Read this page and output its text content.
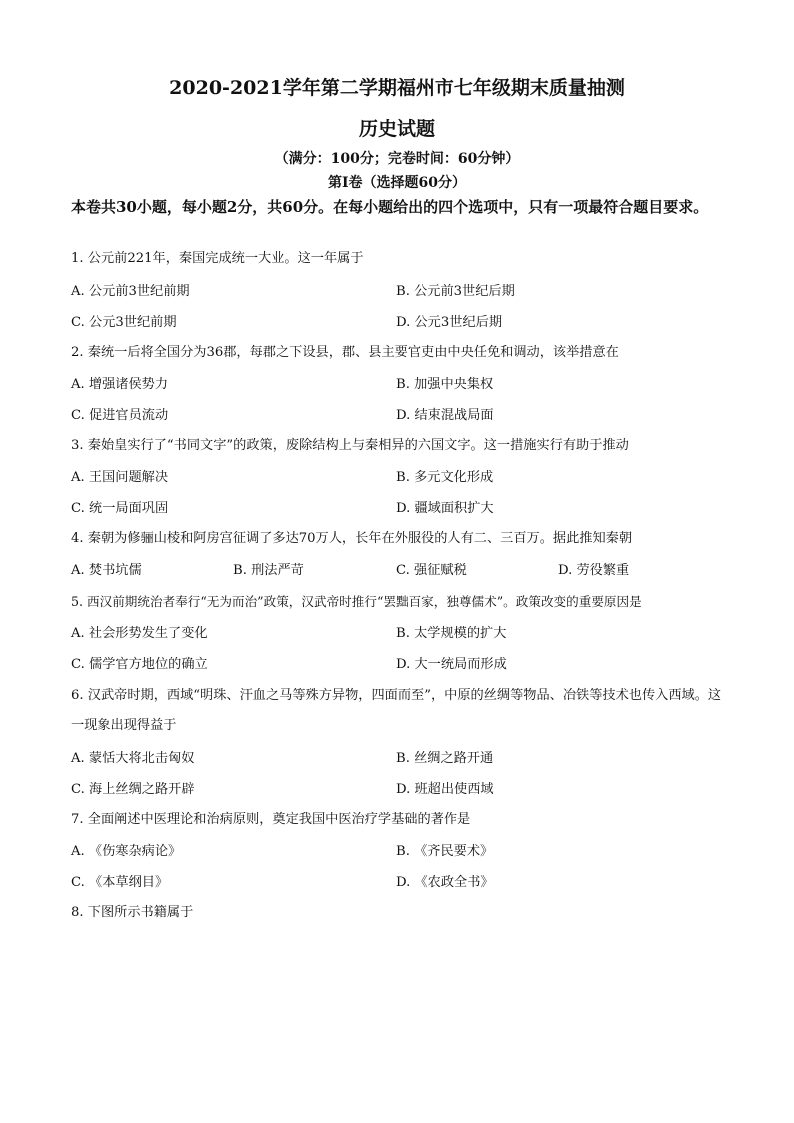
2020-2021学年第二学期福州市七年级期末质量抽测
历史试题
（满分：100分；完卷时间：60分钟）
第Ⅰ卷（选择题60分）
本卷共30小题，每小题2分，共60分。在每小题给出的四个选项中，只有一项最符合题目要求。
1. 公元前221年，秦国完成统一大业。这一年属于
A. 公元前3世纪前期	B. 公元前3世纪后期
C. 公元3世纪前期	D. 公元3世纪后期
2. 秦统一后将全国分为36郡，每郡之下设县，郡、县主要官吏由中央任免和调动，该举措意在
A. 增强诸侯势力	B. 加强中央集权
C. 促进官员流动	D. 结束混战局面
3. 秦始皇实行了“书同文字”的政策，废除结构上与秦相异的六国文字。这一措施实行有助于推动
A. 王国问题解决	B. 多元文化形成
C. 统一局面巩固	D. 疆域面积扩大
4. 秦朝为修骊山棱和阿房宫征调了多达70万人，长年在外服役的人有二、三百万。据此推知秦朝
A. 焚书坑儒	B. 刑法严苛	C. 强征赋税	D. 劳役繁重
5. 西汉前期统治者奉行“无为而治”政策，汉武帝时推行“罢黜百家，独尊儒术”。政策改变的重要原因是
A. 社会形势发生了变化	B. 太学规模的扩大
C. 儒学官方地位的确立	D. 大一统局而形成
6. 汉武帝时期，西域“明珠、汗血之马等殊方异物，四面而至”，中原的丝绸等物品、冶铁等技术也传入西域。这一现象出现得益于
A. 蒙恬大将北击匈奴	B. 丝绸之路开通
C. 海上丝绸之路开辟	D. 班超出使西域
7. 全面阐述中医理论和治病原则，奠定我国中医治疗学基础的著作是
A. 《伤寒杂病论》	B. 《齐民要术》
C. 《本草纲目》	D. 《农政全书》
8. 下图所示书籍属于
